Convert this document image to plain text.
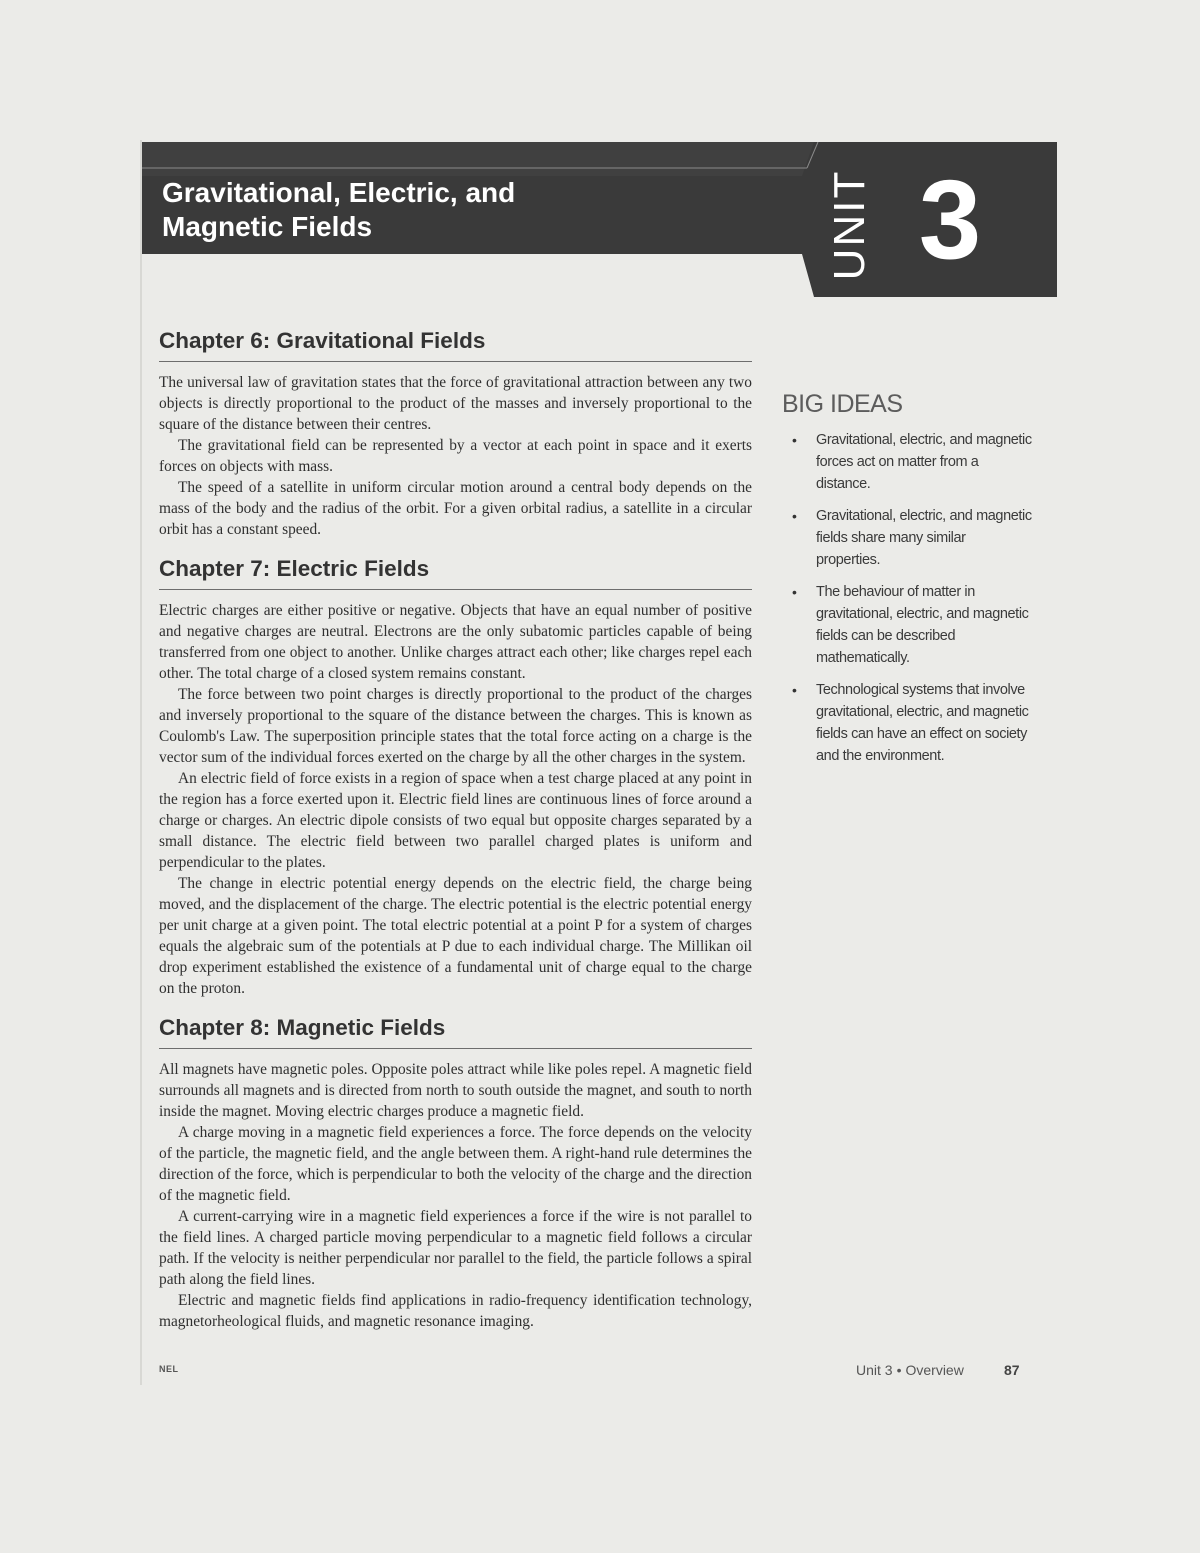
Gravitational, Electric, and
Magnetic Fields	UNIT 3
Chapter 6: Gravitational Fields

The universal law of gravitation states that the force of gravitational attraction between any two objects is directly proportional to the product of the masses and inversely proportional to the square of the distance between their centres.

The gravitational field can be represented by a vector at each point in space and it exerts forces on objects with mass.

The speed of a satellite in uniform circular motion around a central body depends on the mass of the body and the radius of the orbit. For a given orbital radius, a satellite in a circular orbit has a constant speed.

Chapter 7: Electric Fields

Electric charges are either positive or negative. Objects that have an equal number of positive and negative charges are neutral. Electrons are the only subatomic particles capable of being transferred from one object to another. Unlike charges attract each other; like charges repel each other. The total charge of a closed system remains constant.

The force between two point charges is directly proportional to the product of the charges and inversely proportional to the square of the distance between the charges. This is known as Coulomb's Law. The superposition principle states that the total force acting on a charge is the vector sum of the individual forces exerted on the charge by all the other charges in the system.

An electric field of force exists in a region of space when a test charge placed at any point in the region has a force exerted upon it. Electric field lines are continuous lines of force around a charge or charges. An electric dipole consists of two equal but opposite charges separated by a small distance. The electric field between two parallel charged plates is uniform and perpendicular to the plates.

The change in electric potential energy depends on the electric field, the charge being moved, and the displacement of the charge. The electric potential is the electric potential energy per unit charge at a given point. The total electric potential at a point P for a system of charges equals the algebraic sum of the potentials at P due to each individual charge. The Millikan oil drop experiment established the existence of a fundamental unit of charge equal to the charge on the proton.

Chapter 8: Magnetic Fields

All magnets have magnetic poles. Opposite poles attract while like poles repel. A magnetic field surrounds all magnets and is directed from north to south outside the magnet, and south to north inside the magnet. Moving electric charges produce a magnetic field.

A charge moving in a magnetic field experiences a force. The force depends on the velocity of the particle, the magnetic field, and the angle between them. A right-hand rule determines the direction of the force, which is perpendicular to both the velocity of the charge and the direction of the magnetic field.

A current-carrying wire in a magnetic field experiences a force if the wire is not parallel to the field lines. A charged particle moving perpendicular to a magnetic field follows a circular path. If the velocity is neither perpendicular nor parallel to the field, the particle follows a spiral path along the field lines.

Electric and magnetic fields find applications in radio-frequency identification technology, magnetorheological fluids, and magnetic resonance imaging.

BIG IDEAS
• Gravitational, electric, and magnetic forces act on matter from a distance.
• Gravitational, electric, and magnetic fields share many similar properties.
• The behaviour of matter in gravitational, electric, and magnetic fields can be described mathematically.
• Technological systems that involve gravitational, electric, and magnetic fields can have an effect on society and the environment.
NEL	Unit 3 • Overview	87
